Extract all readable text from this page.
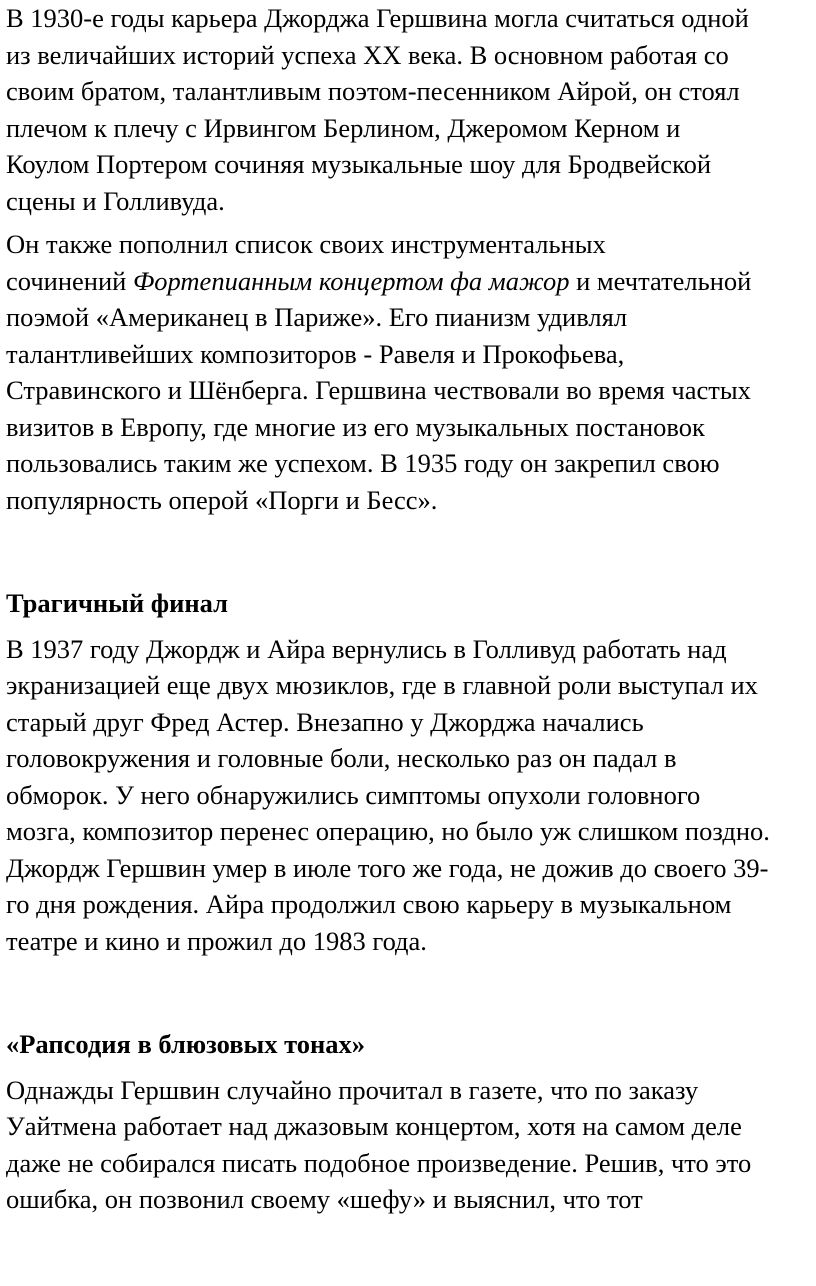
В 1930-е годы карьера Джорджа Гершвина могла считаться одной
из величайших историй успеха XX века. В основном работая со
своим братом, талантливым поэтом-песенником Айрой, он стоял
плечом к плечу с Ирвингом Берлином, Джеромом Керном и
Коулом Портером сочиняя музыкальные шоу для Бродвейской
сцены и Голливуда.

Он также пополнил список своих инструментальных
сочинений Фортепианным концертом фа мажор и мечтательной
поэмой «Американец в Париже». Его пианизм удивлял
талантливейших композиторов - Равеля и Прокофьева,
Стравинского и Шёнберга. Гершвина чествовали во время частых
визитов в Европу, где многие из его музыкальных постановок
пользовались таким же успехом. В 1935 году он закрепил свою
популярность оперой «Порги и Бесс».

Трагичный финал

В 1937 году Джордж и Айра вернулись в Голливуд работать над
экранизацией еще двух мюзиклов, где в главной роли выступал их
старый друг Фред Астер. Внезапно у Джорджа начались
головокружения и головные боли, несколько раз он падал в
обморок. У него обнаружились симптомы опухоли головного
мозга, композитор перенес операцию, но было уж слишком поздно.
Джордж Гершвин умер в июле того же года, не дожив до своего 39-
го дня рождения. Айра продолжил свою карьеру в музыкальном
театре и кино и прожил до 1983 года.

«Рапсодия в блюзовых тонах»

Однажды Гершвин случайно прочитал в газете, что по заказу
Уайтмена работает над джазовым концертом, хотя на самом деле
даже не собирался писать подобное произведение. Решив, что это
ошибка, он позвонил своему «шефу» и выяснил, что тот
